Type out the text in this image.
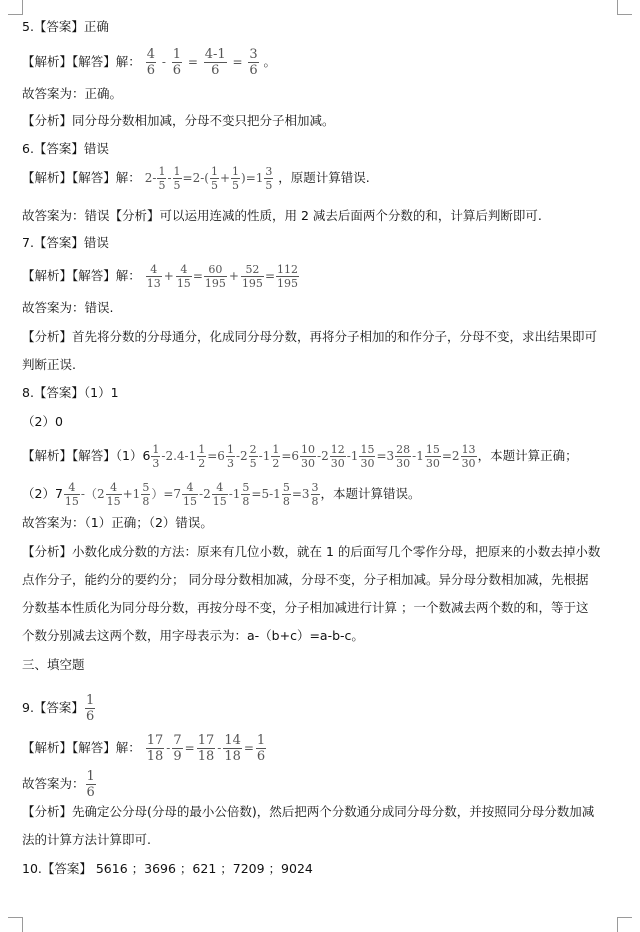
5.【答案】正确
【解析】【解答】解： $\frac{4}{6} - \frac{1}{6} = \frac{4-1}{6} = \frac{3}{6}$ 。
故答案为：正确。
【分析】同分母分数相加减，分母不变只把分子相加减。
6.【答案】错误
【解析】【解答】解： $2- \frac{1}{5} - \frac{1}{5} =2-( \frac{1}{5} + \frac{1}{5} )=1 \frac{3}{5}$ ，原题计算错误.
故答案为：错误【分析】可以运用连减的性质，用 2 减去后面两个分数的和，计算后判断即可.
7.【答案】错误
【解析】【解答】解： $\frac{4}{13} + \frac{4}{15} = \frac{60}{195} + \frac{52}{195} = \frac{112}{195}$
故答案为：错误.
【分析】首先将分数的分母通分，化成同分母分数，再将分子相加的和作分子，分母不变，求出结果即可
判断正误.
8.【答案】（1）1
（2）0
【解析】【解答】$(1)6 \frac{1}{3} -2.4-1 \frac{1}{2} =6 \frac{1}{3} -2 \frac{2}{5} -1 \frac{1}{2} =6 \frac{10}{30} -2 \frac{12}{30} -1 \frac{15}{30} =3 \frac{28}{30} -1 \frac{15}{30} =2 \frac{13}{30}$ ，本题计算正确；
$(2)7 \frac{4}{15} -(2 \frac{4}{15} +1 \frac{5}{8} )=7 \frac{4}{15} -2 \frac{4}{15} -1 \frac{5}{8} =5-1 \frac{5}{8} =3 \frac{3}{8}$ ，本题计算错误。
故答案为：（1）正确；（2）错误。
【分析】小数化成分数的方法：原来有几位小数，就在 1 的后面写几个零作分母，把原来的小数去掉小数
点作分子，能约分的要约分； 同分母分数相加减，分母不变，分子相加减。异分母分数相加减，先根据
分数基本性质化为同分母分数，再按分母不变，分子相加减进行计算 ；一个数减去两个数的和，等于这
个数分别减去这两个数，用字母表示为：a-（b+c）=a-b-c。
三、填空题
9.【答案】 $\frac{1}{6}$
【解析】【解答】解： $\frac{17}{18} - \frac{7}{9} = \frac{17}{18} - \frac{14}{18} = \frac{1}{6}$
故答案为： $\frac{1}{6}$
【分析】先确定公分母(分母的最小公倍数)，然后把两个分数通分成同分母分数，并按照同分母分数加减
法的计算方法计算即可.
10.【答案】 5616 ；3696 ；621 ；7209 ；9024
